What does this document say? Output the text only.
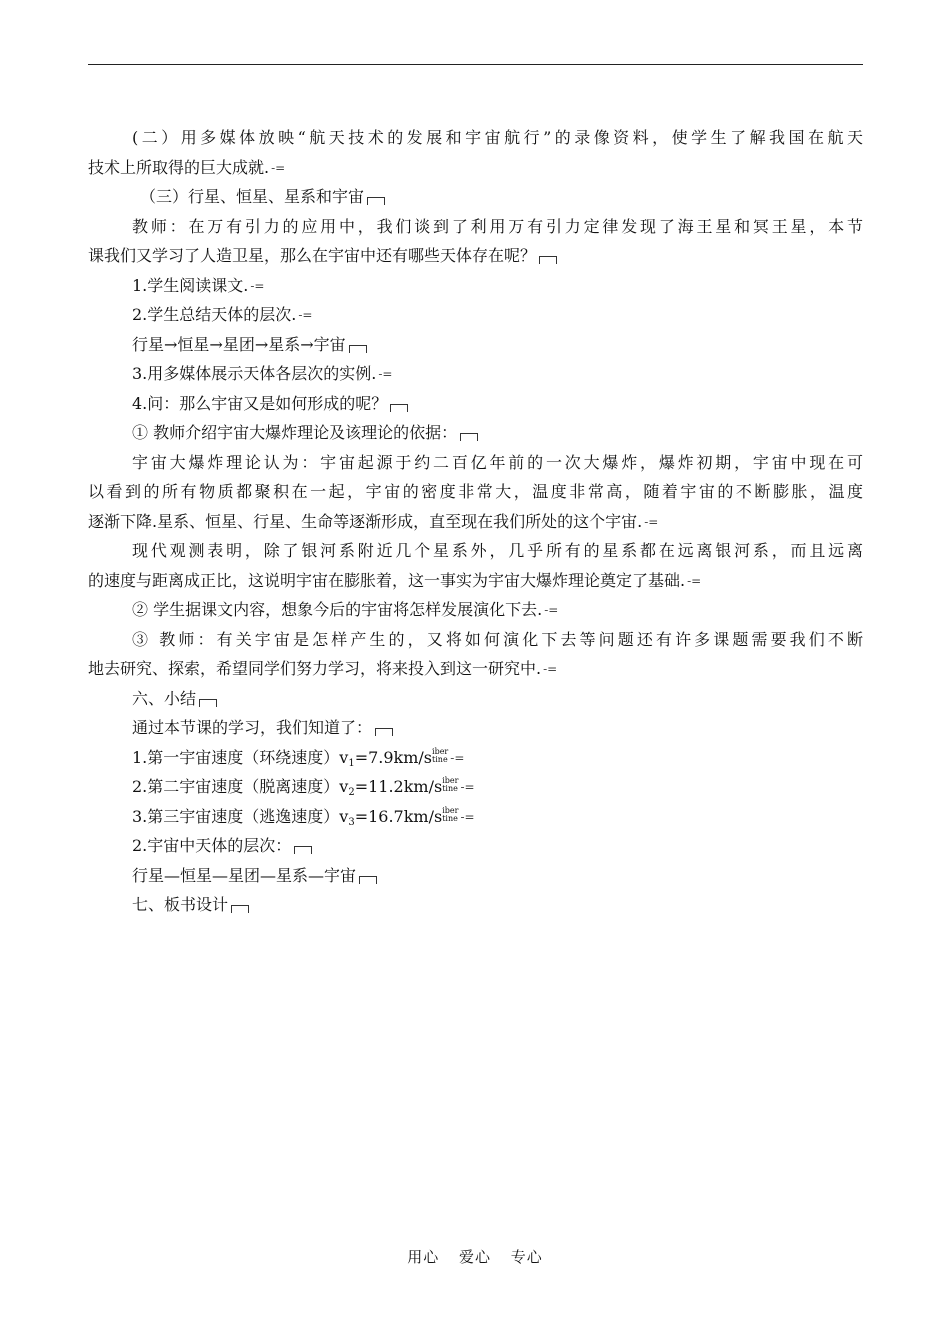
(二）用多媒体放映“航天技术的发展和宇宙航行”的录像资料，使学生了解我国在航天
技术上所取得的巨大成就. -=
（三）行星、恒星、星系和宇宙
教师：在万有引力的应用中，我们谈到了利用万有引力定律发现了海王星和冥王星，本节
课我们又学习了人造卫星，那么在宇宙中还有哪些天体存在呢？
1.学生阅读课文. -=
2.学生总结天体的层次. -=
行星→恒星→星团→星系→宇宙
3.用多媒体展示天体各层次的实例. -=
4.问：那么宇宙又是如何形成的呢？
① 教师介绍宇宙大爆炸理论及该理论的依据：
宇宙大爆炸理论认为：宇宙起源于约二百亿年前的一次大爆炸，爆炸初期，宇宙中现在可
以看到的所有物质都聚积在一起，宇宙的密度非常大，温度非常高，随着宇宙的不断膨胀，温度
逐渐下降.星系、恒星、行星、生命等逐渐形成，直至现在我们所处的这个宇宙. -=
现代观测表明，除了银河系附近几个星系外，几乎所有的星系都在远离银河系，而且远离
的速度与距离成正比，这说明宇宙在膨胀着，这一事实为宇宙大爆炸理论奠定了基础. -=
② 学生据课文内容，想象今后的宇宙将怎样发展演化下去. -=
③ 教师：有关宇宙是怎样产生的，又将如何演化下去等问题还有许多课题需要我们不断
地去研究、探索，希望同学们努力学习，将来投入到这一研究中. -=
六、小结
通过本节课的学习，我们知道了：
1.第一宇宙速度（环绕速度）$v_1=7.9km/s$ iber
tine -=
2.第二宇宙速度（脱离速度）$v_2=11.2km/s$ iber
tine -=
3.第三宇宙速度（逃逸速度）$v_3=16.7km/s$ iber
tine -=
2.宇宙中天体的层次：
行星—恒星—星团—星系—宇宙
七、板书设计
用心 爱心 专心
